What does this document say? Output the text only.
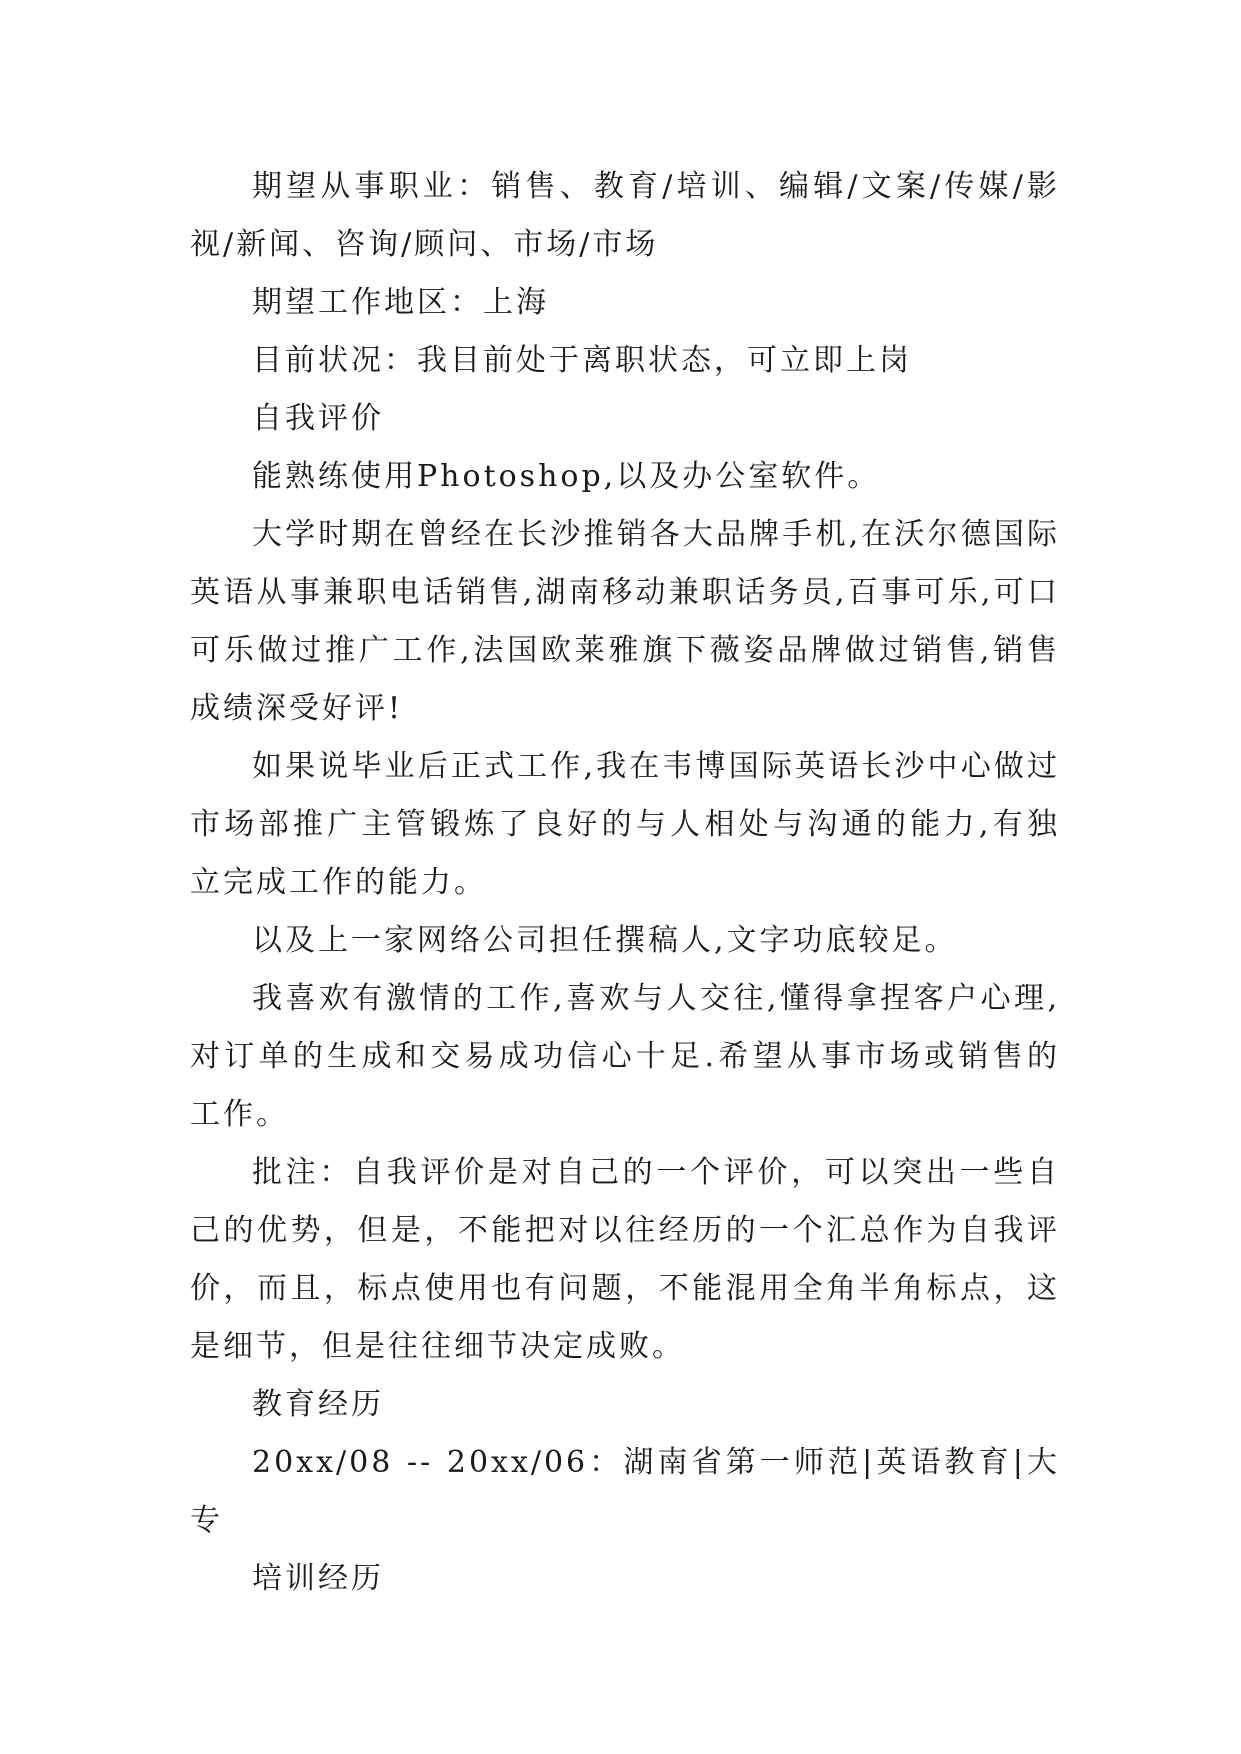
期望从事职业：销售、教育/培训、编辑/文案/传媒/影视/新闻、咨询/顾问、市场/市场

期望工作地区：上海

目前状况：我目前处于离职状态，可立即上岗

自我评价

能熟练使用Photoshop,以及办公室软件。

大学时期在曾经在长沙推销各大品牌手机,在沃尔德国际英语从事兼职电话销售,湖南移动兼职话务员,百事可乐,可口可乐做过推广工作,法国欧莱雅旗下薇姿品牌做过销售,销售成绩深受好评!

如果说毕业后正式工作,我在韦博国际英语长沙中心做过市场部推广主管锻炼了良好的与人相处与沟通的能力,有独立完成工作的能力。

以及上一家网络公司担任撰稿人,文字功底较足。

我喜欢有激情的工作,喜欢与人交往,懂得拿捏客户心理,对订单的生成和交易成功信心十足.希望从事市场或销售的工作。

批注：自我评价是对自己的一个评价，可以突出一些自己的优势，但是，不能把对以往经历的一个汇总作为自我评价，而且，标点使用也有问题，不能混用全角半角标点，这是细节，但是往往细节决定成败。

教育经历

20xx/08 -- 20xx/06：湖南省第一师范|英语教育|大专

培训经历
